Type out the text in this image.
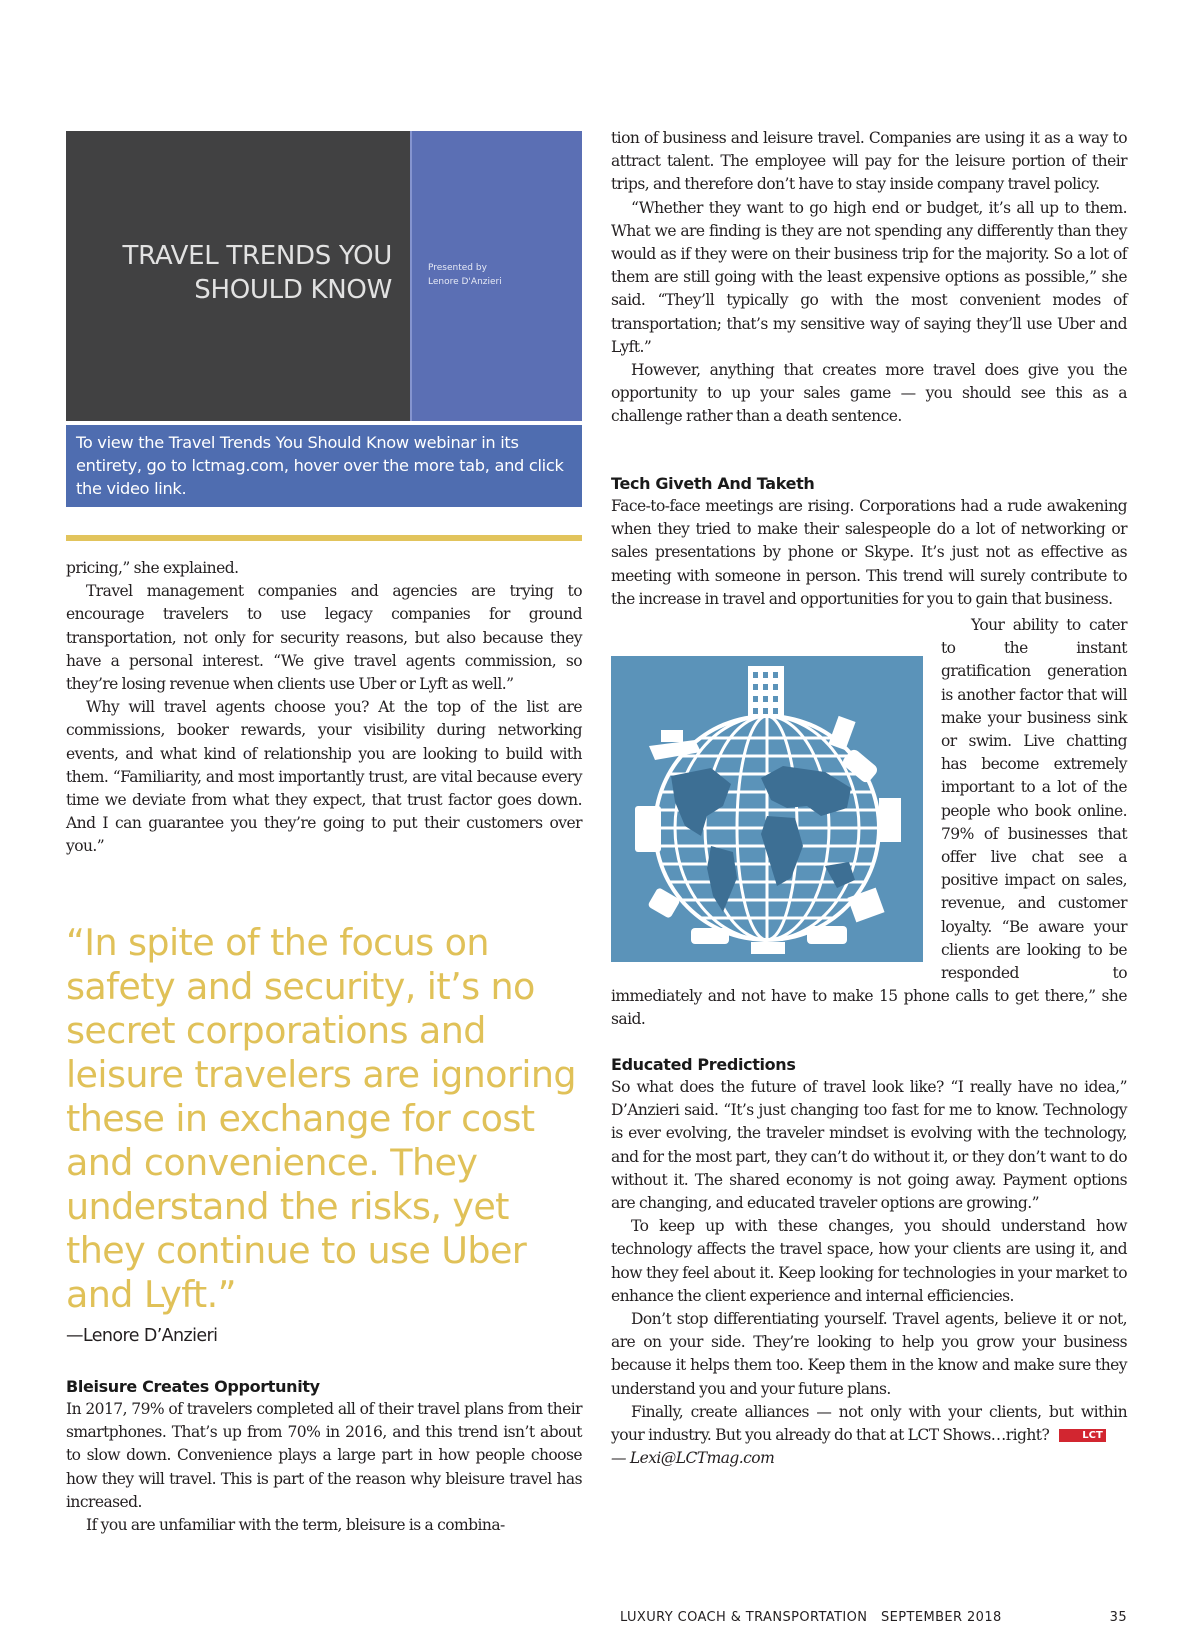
Presented by
Lenore D'Anzieri
TRAVEL TRENDS YOU
SHOULD KNOW
To view the Travel Trends You Should Know webinar in its entirety, go to lctmag.com, hover over the more tab, and click the video link.

pricing,” she explained.

Travel management companies and agencies are trying to encourage travelers to use legacy companies for ground transportation, not only for security reasons, but also because they have a personal interest. “We give travel agents commission, so they’re losing revenue when clients use Uber or Lyft as well.”

Why will travel agents choose you? At the top of the list are commissions, booker rewards, your visibility during networking events, and what kind of relationship you are looking to build with them. “Familiarity, and most importantly trust, are vital because every time we deviate from what they expect, that trust factor goes down. And I can guarantee you they’re going to put their customers over you.”

“In spite of the focus on safety and security, it’s no secret corporations and leisure travelers are ignoring these in exchange for cost and convenience. They understand the risks, yet they continue to use Uber and Lyft.”
—Lenore D’Anzieri
Bleisure Creates Opportunity

In 2017, 79% of travelers completed all of their travel plans from their smartphones. That’s up from 70% in 2016, and this trend isn’t about to slow down. Convenience plays a large part in how people choose how they will travel. This is part of the reason why bleisure travel has increased.

If you are unfamiliar with the term, bleisure is a combina-

tion of business and leisure travel. Companies are using it as a way to attract talent. The employee will pay for the leisure portion of their trips, and therefore don’t have to stay inside company travel policy.

“Whether they want to go high end or budget, it’s all up to them. What we are finding is they are not spending any differently than they would as if they were on their business trip for the majority. So a lot of them are still going with the least expensive options as possible,” she said. “They’ll typically go with the most convenient modes of transportation; that’s my sensitive way of saying they’ll use Uber and Lyft.”

However, anything that creates more travel does give you the opportunity to up your sales game — you should see this as a challenge rather than a death sentence.

Tech Giveth And Taketh

Face-to-face meetings are rising. Corporations had a rude awakening when they tried to make their salespeople do a lot of networking or sales presentations by phone or Skype. It’s just not as effective as meeting with someone in person. This trend will surely contribute to the increase in travel and opportunities for you to gain that business.

Your ability to cater to the instant gratification generation is another factor that will make your business sink or swim. Live chatting has become extremely important to a lot of the people who book online. 79% of businesses that offer live chat see a positive impact on sales, revenue, and customer loyalty. “Be aware your clients are looking to be responded to immediately and not have to make 15 phone calls to get there,” she said.

Educated Predictions

So what does the future of travel look like? “I really have no idea,” D’Anzieri said. “It’s just changing too fast for me to know. Technology is ever evolving, the traveler mindset is evolving with the technology, and for the most part, they can’t do without it, or they don’t want to do without it. The shared economy is not going away. Payment options are changing, and educated traveler options are growing.”

To keep up with these changes, you should understand how technology affects the travel space, how your clients are using it, and how they feel about it. Keep looking for technologies in your market to enhance the client experience and internal efficiencies.

Don’t stop differentiating yourself. Travel agents, believe it or not, are on your side. They’re looking to help you grow your business because it helps them too. Keep them in the know and make sure they understand you and your future plans.

Finally, create alliances — not only with your clients, but within your industry. But you already do that at LCT Shows…right?	LCT

— Lexi@LCTmag.com

LUXURY COACH & TRANSPORTATION   SEPTEMBER 2018	35
